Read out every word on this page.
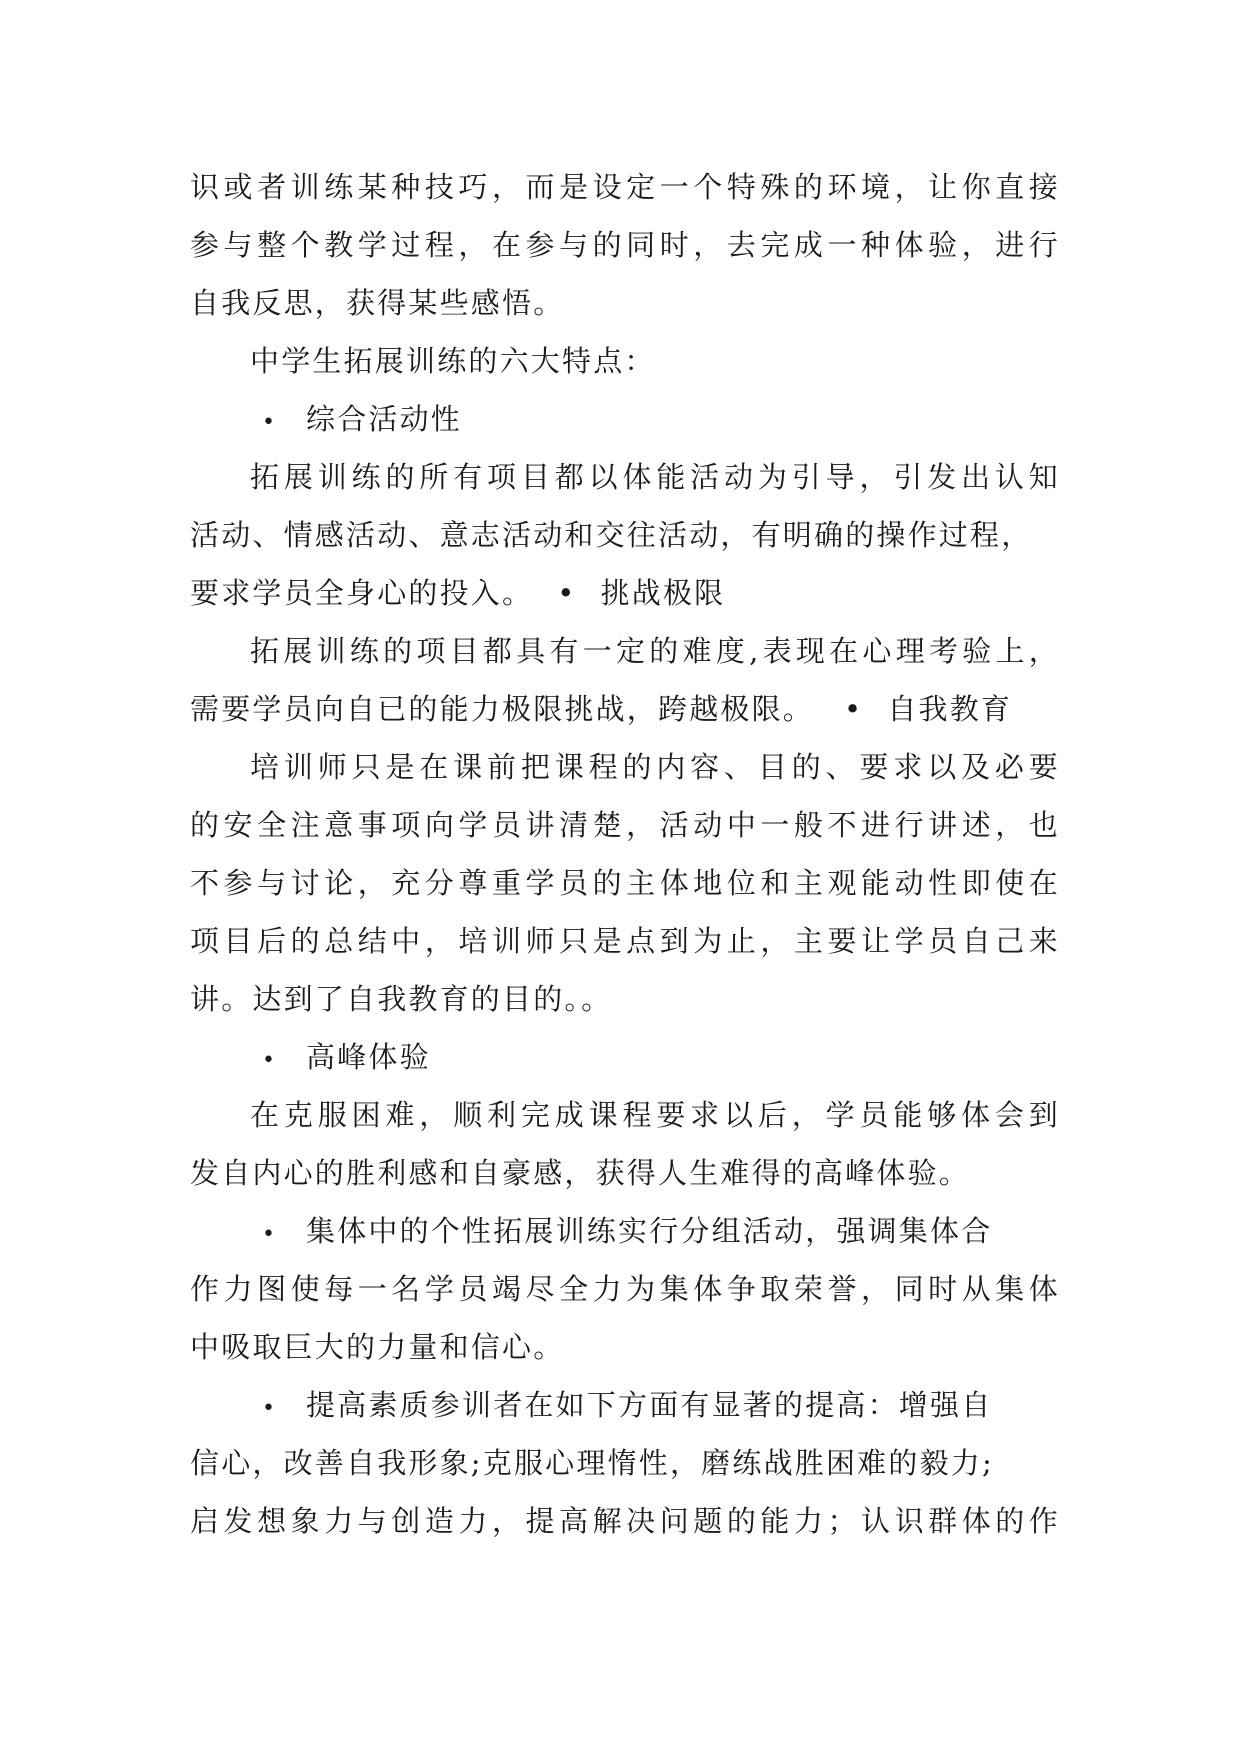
识或者训练某种技巧，而是设定一个特殊的环境，让你直接
参与整个教学过程，在参与的同时，去完成一种体验，进行
自我反思，获得某些感悟。
中学生拓展训练的六大特点：
• 综合活动性
拓展训练的所有项目都以体能活动为引导，引发出认知
活动、情感活动、意志活动和交往活动，有明确的操作过程，
要求学员全身心的投入。 • 挑战极限
拓展训练的项目都具有一定的难度,表现在心理考验上，
需要学员向自已的能力极限挑战，跨越极限。 • 自我教育
培训师只是在课前把课程的内容、目的、要求以及必要
的安全注意事项向学员讲清楚，活动中一般不进行讲述，也
不参与讨论，充分尊重学员的主体地位和主观能动性即使在
项目后的总结中，培训师只是点到为止，主要让学员自己来
讲。达到了自我教育的目的。。
• 高峰体验
在克服困难，顺利完成课程要求以后，学员能够体会到
发自内心的胜利感和自豪感，获得人生难得的高峰体验。
• 集体中的个性拓展训练实行分组活动，强调集体合
作力图使每一名学员竭尽全力为集体争取荣誉，同时从集体
中吸取巨大的力量和信心。
• 提高素质参训者在如下方面有显著的提高：增强自
信心，改善自我形象;克服心理惰性，磨练战胜困难的毅力;
启发想象力与创造力，提高解决问题的能力；认识群体的作
